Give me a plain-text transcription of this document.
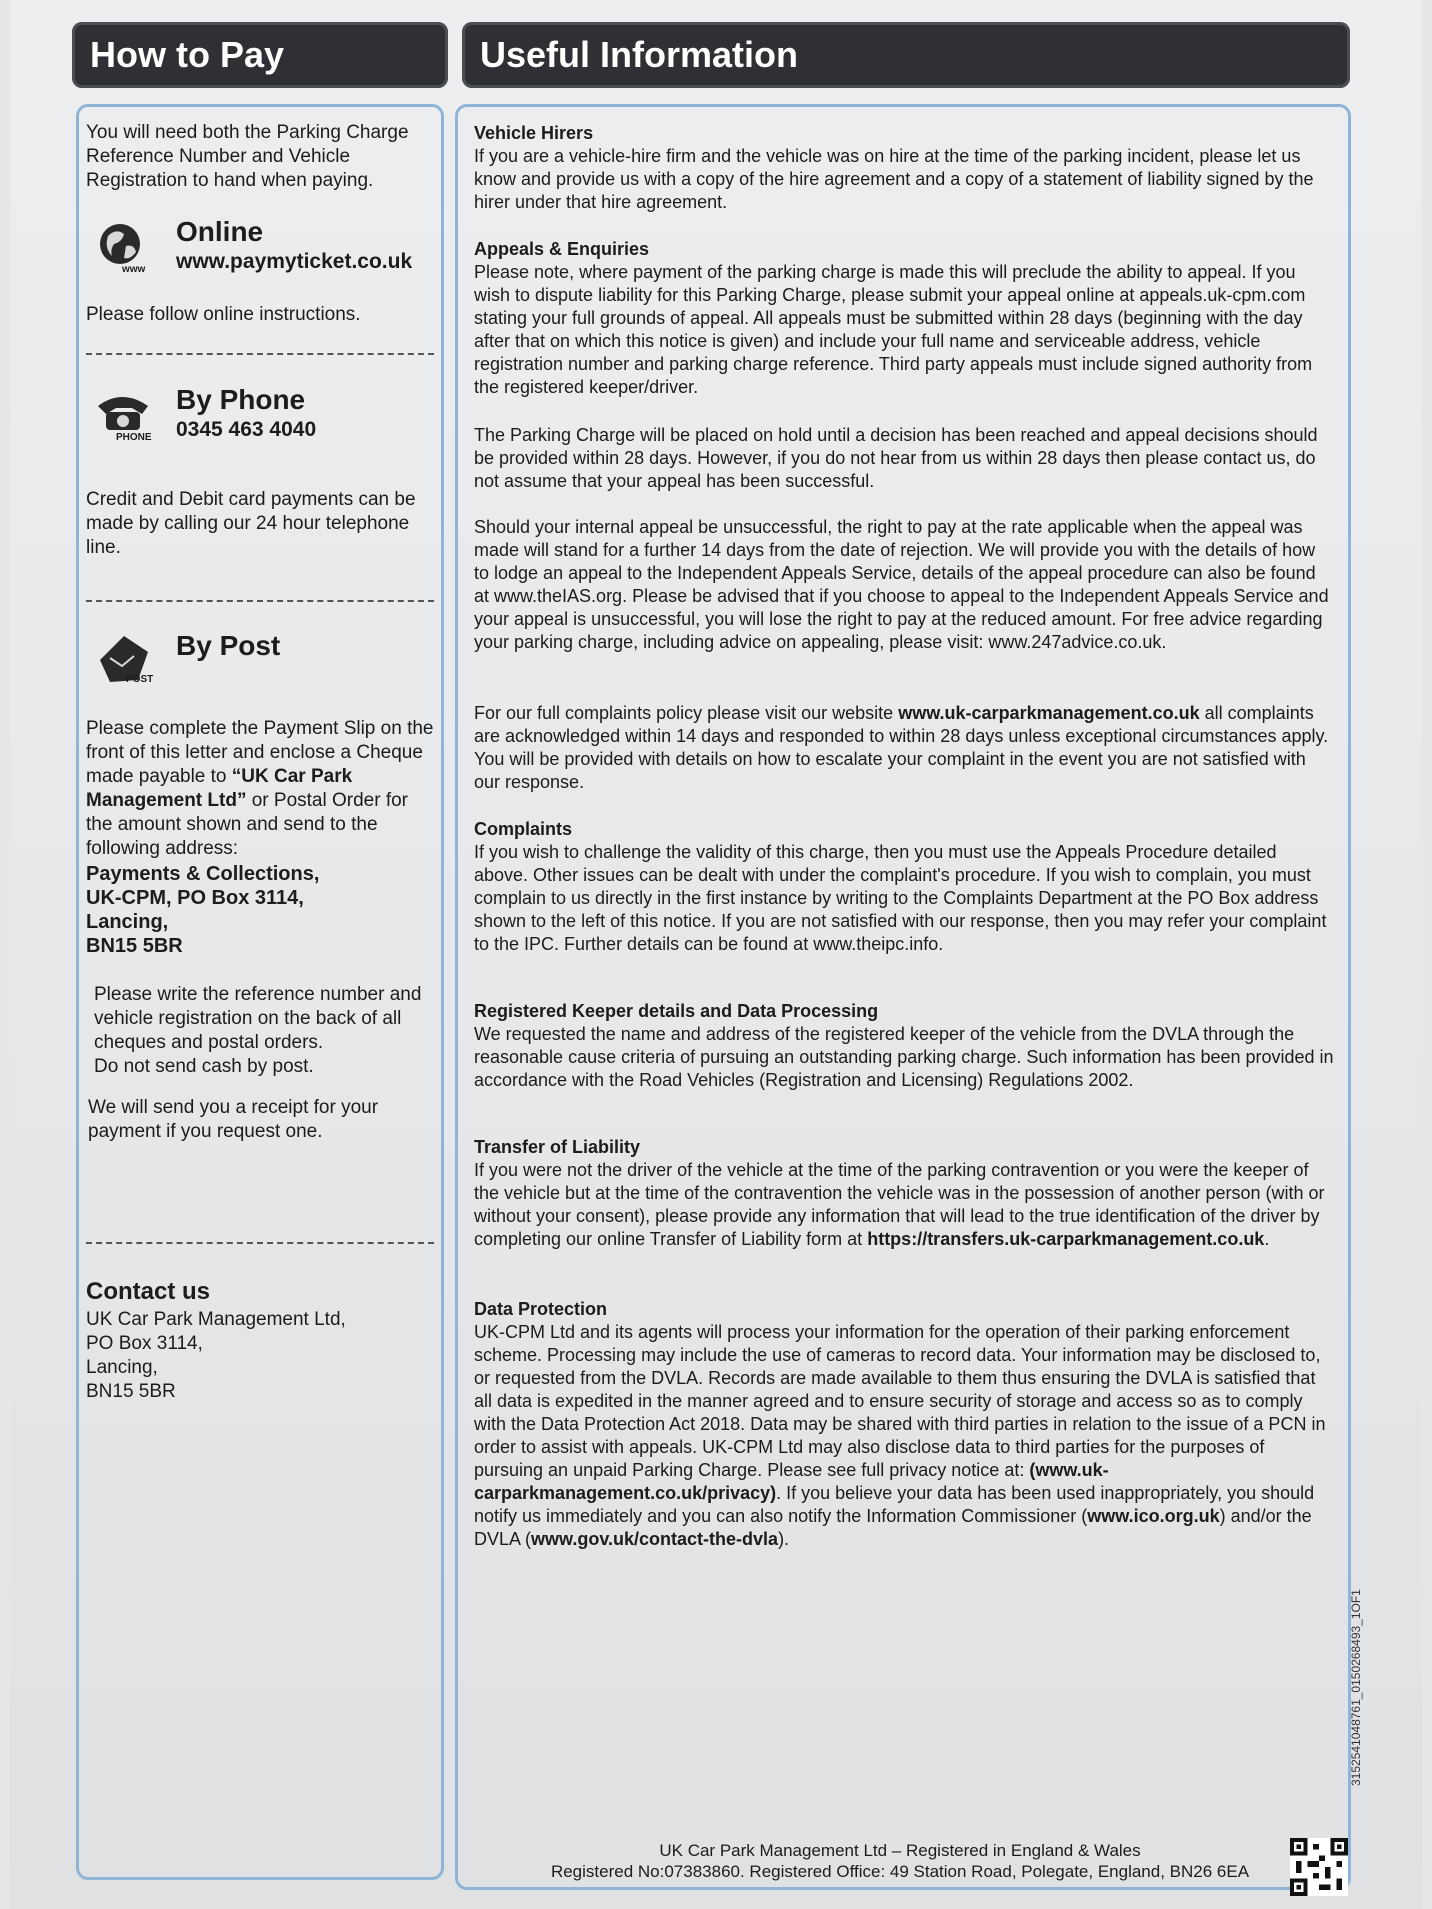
How to Pay
You will need both the Parking Charge Reference Number and Vehicle Registration to hand when paying.
www
Online
www.paymyticket.co.uk
Please follow online instructions.
PHONE
By Phone
0345 463 4040
Credit and Debit card payments can be made by calling our 24 hour telephone line.
POST
By Post
Please complete the Payment Slip on the front of this letter and enclose a Cheque made payable to “UK Car Park Management Ltd” or Postal Order for the amount shown and send to the following address:
Payments & Collections,
UK-CPM, PO Box 3114,
Lancing,
BN15 5BR
Please write the reference number and vehicle registration on the back of all cheques and postal orders.
Do not send cash by post.
We will send you a receipt for your payment if you request one.
Contact us
UK Car Park Management Ltd,
PO Box 3114,
Lancing,
BN15 5BR
Useful Information
Vehicle Hirers
If you are a vehicle-hire firm and the vehicle was on hire at the time of the parking incident, please let us know and provide us with a copy of the hire agreement and a copy of a statement of liability signed by the hirer under that hire agreement.
Appeals & Enquiries
Please note, where payment of the parking charge is made this will preclude the ability to appeal. If you wish to dispute liability for this Parking Charge, please submit your appeal online at appeals.uk-cpm.com stating your full grounds of appeal. All appeals must be submitted within 28 days (beginning with the day after that on which this notice is given) and include your full name and serviceable address, vehicle registration number and parking charge reference. Third party appeals must include signed authority from the registered keeper/driver.
The Parking Charge will be placed on hold until a decision has been reached and appeal decisions should be provided within 28 days. However, if you do not hear from us within 28 days then please contact us, do not assume that your appeal has been successful.
Should your internal appeal be unsuccessful, the right to pay at the rate applicable when the appeal was made will stand for a further 14 days from the date of rejection. We will provide you with the details of how to lodge an appeal to the Independent Appeals Service, details of the appeal procedure can also be found at www.theIAS.org. Please be advised that if you choose to appeal to the Independent Appeals Service and your appeal is unsuccessful, you will lose the right to pay at the reduced amount. For free advice regarding your parking charge, including advice on appealing, please visit: www.247advice.co.uk.
For our full complaints policy please visit our website www.uk-carparkmanagement.co.uk all complaints are acknowledged within 14 days and responded to within 28 days unless exceptional circumstances apply. You will be provided with details on how to escalate your complaint in the event you are not satisfied with our response.
Complaints
If you wish to challenge the validity of this charge, then you must use the Appeals Procedure detailed above. Other issues can be dealt with under the complaint's procedure. If you wish to complain, you must complain to us directly in the first instance by writing to the Complaints Department at the PO Box address shown to the left of this notice. If you are not satisfied with our response, then you may refer your complaint to the IPC. Further details can be found at www.theipc.info.
Registered Keeper details and Data Processing
We requested the name and address of the registered keeper of the vehicle from the DVLA through the reasonable cause criteria of pursuing an outstanding parking charge. Such information has been provided in accordance with the Road Vehicles (Registration and Licensing) Regulations 2002.
Transfer of Liability
If you were not the driver of the vehicle at the time of the parking contravention or you were the keeper of the vehicle but at the time of the contravention the vehicle was in the possession of another person (with or without your consent), please provide any information that will lead to the true identification of the driver by completing our online Transfer of Liability form at https://transfers.uk-carparkmanagement.co.uk.
Data Protection
UK-CPM Ltd and its agents will process your information for the operation of their parking enforcement scheme. Processing may include the use of cameras to record data. Your information may be disclosed to, or requested from the DVLA. Records are made available to them thus ensuring the DVLA is satisfied that all data is expedited in the manner agreed and to ensure security of storage and access so as to comply with the Data Protection Act 2018. Data may be shared with third parties in relation to the issue of a PCN in order to assist with appeals. UK-CPM Ltd may also disclose data to third parties for the purposes of pursuing an unpaid Parking Charge. Please see full privacy notice at: (www.uk-carparkmanagement.co.uk/privacy). If you believe your data has been used inappropriately, you should notify us immediately and you can also notify the Information Commissioner (www.ico.org.uk) and/or the DVLA (www.gov.uk/contact-the-dvla).
3152541048761_0150268493_1OF1
UK Car Park Management Ltd – Registered in England & Wales
Registered No:07383860. Registered Office: 49 Station Road, Polegate, England, BN26 6EA
